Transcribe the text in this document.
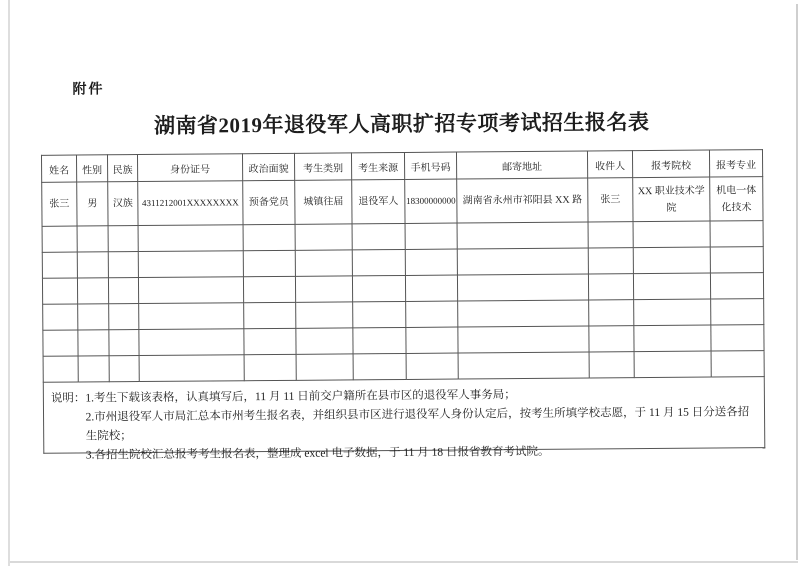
附件
湖南省2019年退役军人高职扩招专项考试招生报名表
姓名	性别	民族	身份证号	政治面貌	考生类别	考生来源	手机号码	邮寄地址	收件人	报考院校	报考专业
张三	男	汉族	4311212001XXXXXXXX	预备党员	城镇往届	退役军人	18300000000	湖南省永州市祁阳县 XX 路	张三	XX 职业技术学院	机电一体化技术

说明： 1.考生下载该表格，认真填写后，11 月 11 日前交户籍所在县市区的退役军人事务局；
2.市州退役军人市局汇总本市州考生报名表，并组织县市区进行退役军人身份认定后，按考生所填学校志愿，于 11 月 15 日分送各招生院校；
3.各招生院校汇总报考考生报名表，整理成 excel 电子数据，于 11 月 18 日报省教育考试院。
